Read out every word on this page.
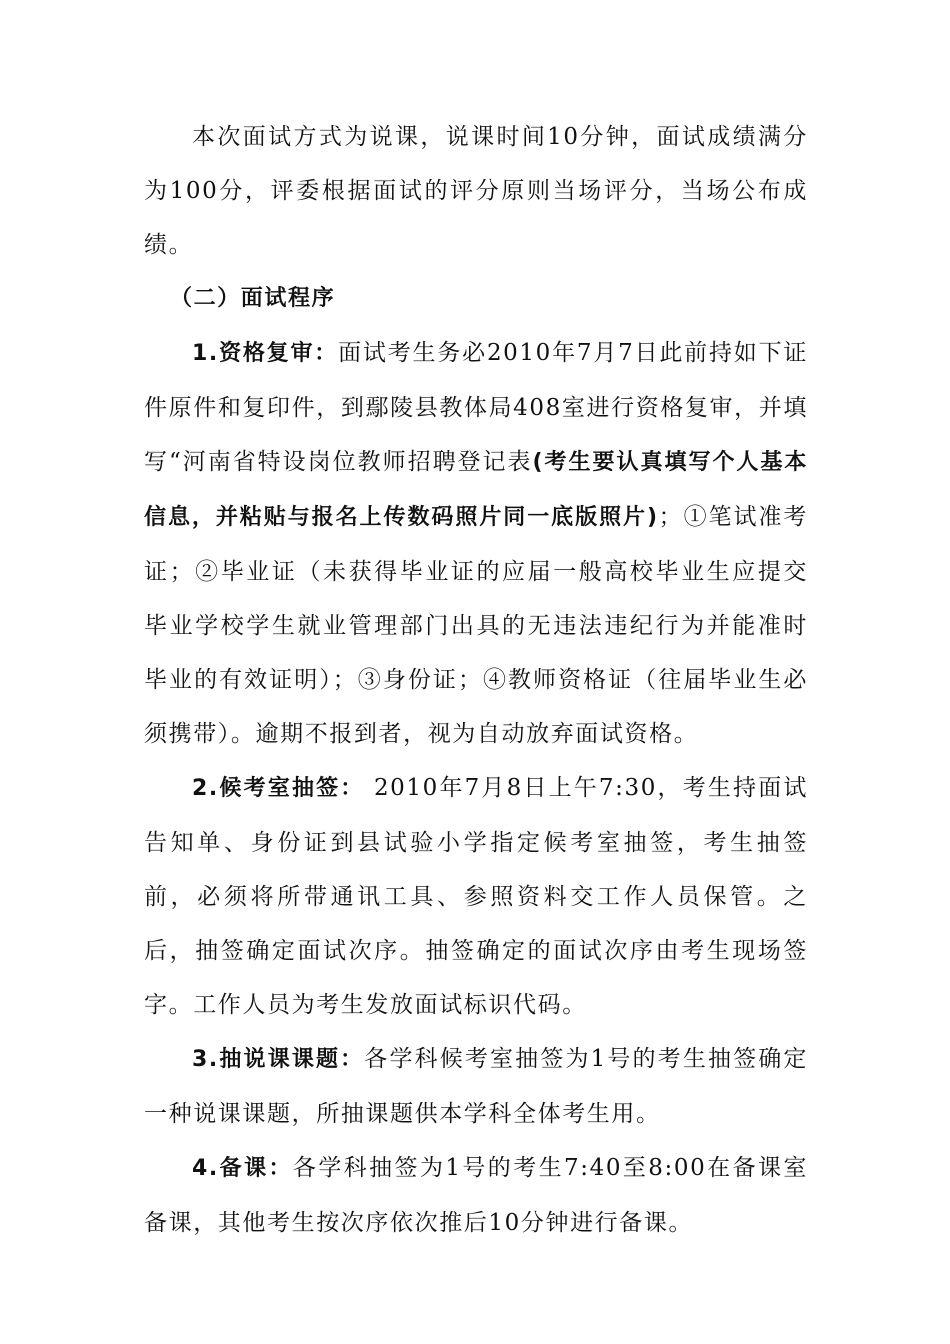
本次面试方式为说课，说课时间10分钟，面试成绩满分为100分，评委根据面试的评分原则当场评分，当场公布成绩。

（二）面试程序

1.资格复审：面试考生务必2010年7月7日此前持如下证件原件和复印件，到鄢陵县教体局408室进行资格复审，并填写“河南省特设岗位教师招聘登记表(考生要认真填写个人基本信息，并粘贴与报名上传数码照片同一底版照片)；①笔试准考证；②毕业证（未获得毕业证的应届一般高校毕业生应提交毕业学校学生就业管理部门出具的无违法违纪行为并能准时毕业的有效证明）；③身份证；④教师资格证（往届毕业生必须携带）。逾期不报到者，视为自动放弃面试资格。

2.候考室抽签： 2010年7月8日上午7:30，考生持面试告知单、身份证到县试验小学指定候考室抽签，考生抽签前，必须将所带通讯工具、参照资料交工作人员保管。之后，抽签确定面试次序。抽签确定的面试次序由考生现场签字。工作人员为考生发放面试标识代码。

3.抽说课课题：各学科候考室抽签为1号的考生抽签确定一种说课课题，所抽课题供本学科全体考生用。

4.备课：各学科抽签为1号的考生7:40至8:00在备课室备课，其他考生按次序依次推后10分钟进行备课。
